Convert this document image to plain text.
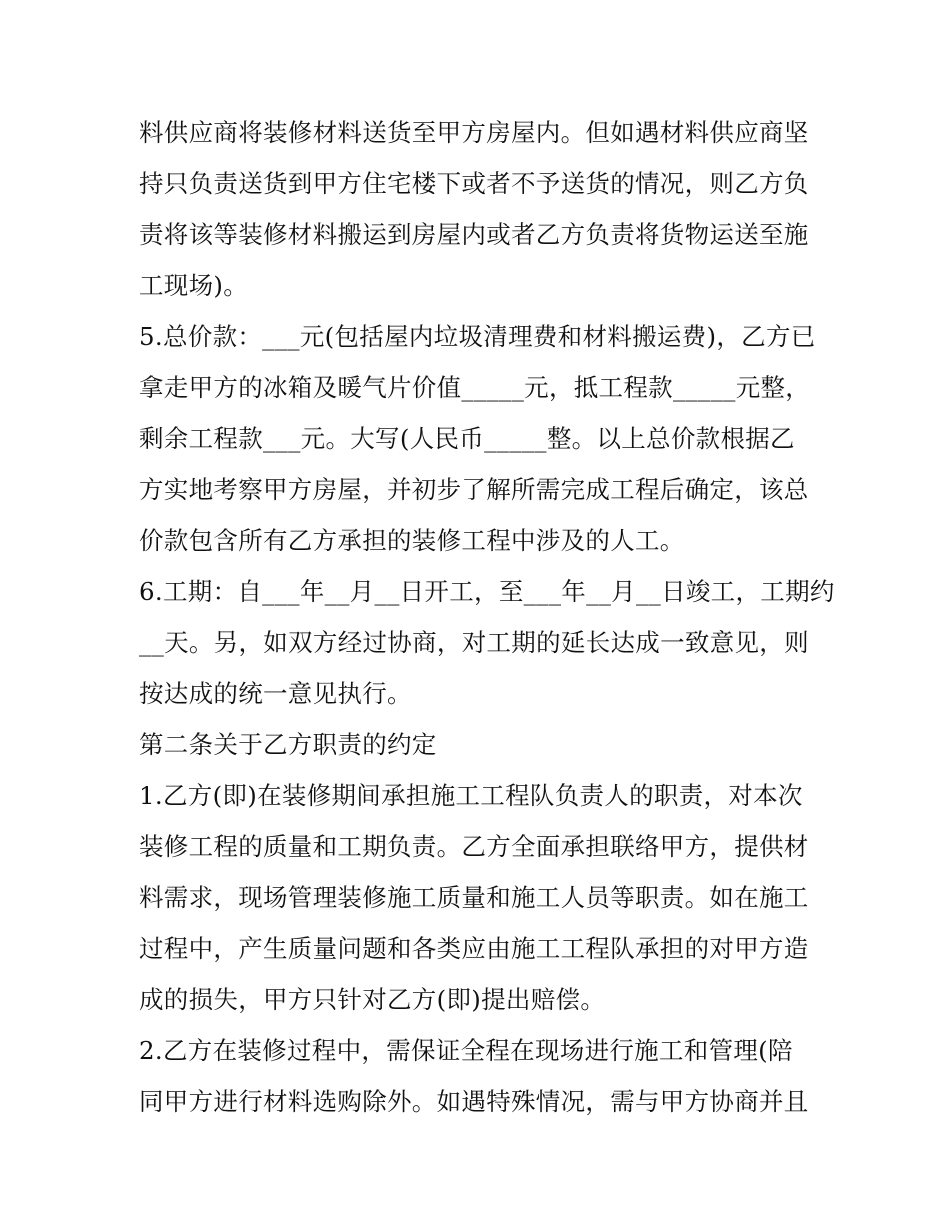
料供应商将装修材料送货至甲方房屋内。但如遇材料供应商坚
持只负责送货到甲方住宅楼下或者不予送货的情况，则乙方负
责将该等装修材料搬运到房屋内或者乙方负责将货物运送至施
工现场)。
5.总价款：___元(包括屋内垃圾清理费和材料搬运费)，乙方已
拿走甲方的冰箱及暖气片价值_____元，抵工程款_____元整，
剩余工程款___元。大写(人民币_____整。以上总价款根据乙
方实地考察甲方房屋，并初步了解所需完成工程后确定，该总
价款包含所有乙方承担的装修工程中涉及的人工。
6.工期：自___年__月__日开工，至___年__月__日竣工，工期约
__天。另，如双方经过协商，对工期的延长达成一致意见，则
按达成的统一意见执行。
第二条关于乙方职责的约定
1.乙方(即)在装修期间承担施工工程队负责人的职责，对本次
装修工程的质量和工期负责。乙方全面承担联络甲方，提供材
料需求，现场管理装修施工质量和施工人员等职责。如在施工
过程中，产生质量问题和各类应由施工工程队承担的对甲方造
成的损失，甲方只针对乙方(即)提出赔偿。
2.乙方在装修过程中，需保证全程在现场进行施工和管理(陪
同甲方进行材料选购除外。如遇特殊情况，需与甲方协商并且
